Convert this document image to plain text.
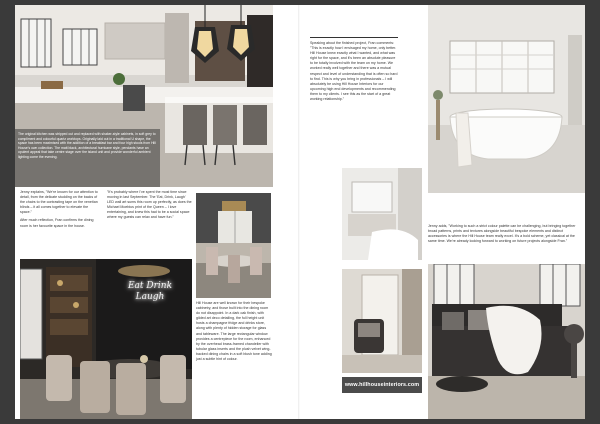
The original kitchen was stripped out and replaced with shaker-style cabinets, in soft grey to compliment and colourful quartz worktops. Originally laid out in a traditional U shape, the space has been maximised with the addition of a breakfast bar and four high stools from Hill House's own collection. The matt black, architectural hurricane style, pendants have an opulent appeal that take centre stage over the island unit and provide wonderful ambient lighting come the evening.

Jenny explains, "We're known for our attention to detail, from the delicate studding on the backs of the chairs to the contrasting tape on the venetian blinds – it all comes together to elevate the space."

After much reflection, Fran confirms the dining room is her favourite space in the house.

"It's probably where I've spent the most time since moving in last September. The 'Eat, Drink, Laugh' LED wall art sums this room up perfectly, as does the Michael Moebius print of the Queen – I love entertaining, and knew this had to be a social space where my guests can relax and have fun."

Hill House are well known for their bespoke cabinetry, and those built into the dining room do not disappoint. In a dark oak finish, with gilded art deco detailing, the full height unit hosts a champagne fridge and drinks store, along with plenty of hidden storage for glass and tableware. The large rectangular window provides a centrepiece for the room, enhanced by the overhead brass-framed chandelier with tubular glass inserts and the plush velvet wing-backed dining chairs in a soft blush tone adding just a subtle hint of colour.

Eat Drink Laugh

Speaking about the finished project, Fran comments: "This is exactly how I envisaged my home, only better. Hill House knew exactly what I wanted, and what was right for the space, and it's been an absolute pleasure to be totally involved with the team on my home. We worked really well together and there was a mutual respect and level of understanding that is often so hard to find. This is why you bring in professionals – I will absolutely be using Hill House Interiors for our upcoming high end developments and recommending them to my clients. I see this as the start of a great working relationship."

Jenny adds, "Working to such a strict colour palette can be challenging, but bringing together broad patterns, prints and textures alongside beautiful bespoke elements and distinct accessories is where the Hill House team really excel. It's a bold scheme, yet classical at the same time. We're already looking forward to working on future projects alongside Fran."

www.hillhouseinteriors.com
